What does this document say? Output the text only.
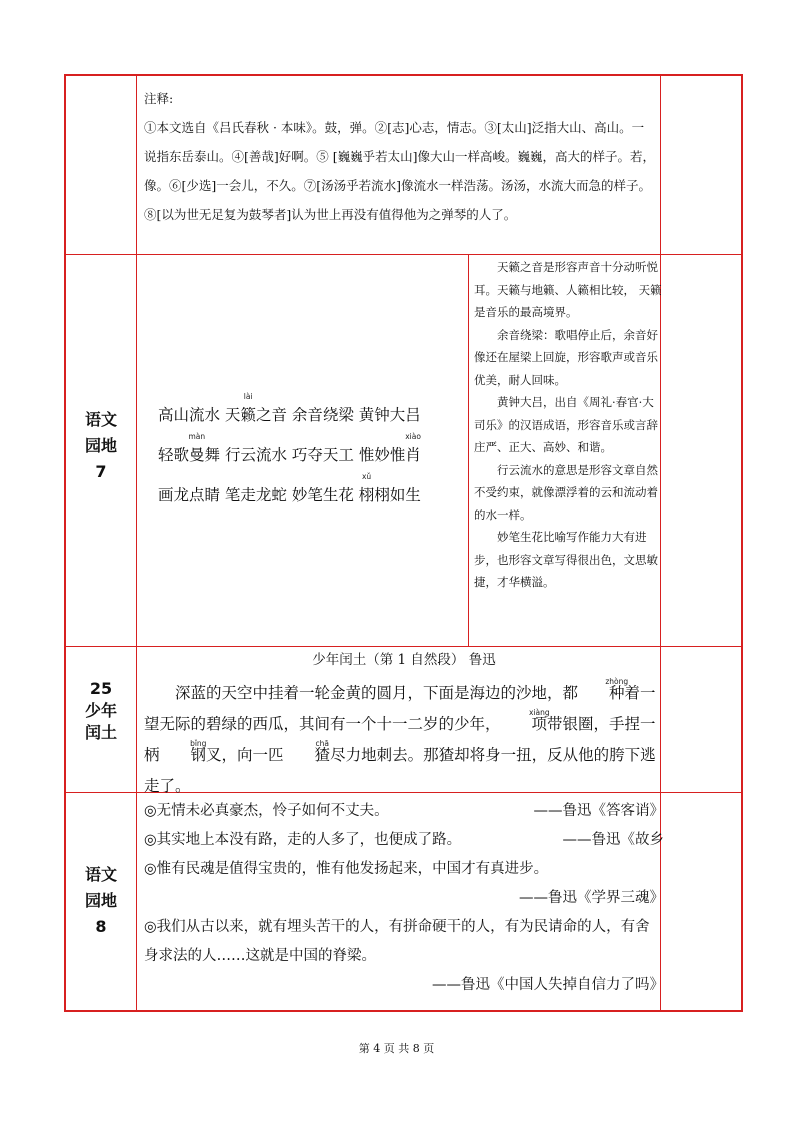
注释:

①本文选自《吕氏春秋 · 本味》。鼓，弹。②[志]心志，情志。③[太山]泛指大山、高山。一说指东岳泰山。④[善哉]好啊。⑤ [巍巍乎若太山]像大山一样高峻。巍巍，高大的样子。若，像。⑥[少选]一会儿，不久。⑦[汤汤乎若流水]像流水一样浩荡。汤汤，水流大而急的样子。⑧[以为世无足复为鼓琴者]认为世上再没有值得他为之弹琴的人了。

语文
园地
7
高山流水 天
lài
籁之音 余音绕梁 黄钟大吕
轻歌
màn
曼舞 行云流水 巧夺天工 惟妙惟
xiào
肖
画龙点睛 笔走龙蛇 妙笔生花
xǔ
栩栩如生

天籁之音是形容声音十分动听悦耳。天籁与地籁、人籁相比较， 天籁是音乐的最高境界。

余音绕梁：歌唱停止后，余音好像还在屋梁上回旋，形容歌声或音乐优美，耐人回味。

黄钟大吕，出自《周礼·春官·大司乐》的汉语成语，形容音乐或言辞庄严、正大、高妙、和谐。

行云流水的意思是形容文章自然不受约束，就像漂浮着的云和流动着的水一样。

妙笔生花比喻写作能力大有进步，也形容文章写得很出色，文思敏捷，才华横溢。

25
少年
闰土
少年闰土（第 1 自然段） 鲁迅

深蓝的天空中挂着一轮金黄的圆月，下面是海边的沙地，都
zhòng
种着一望无际的碧绿的西瓜，其间有一个十一二岁的少年，
xiàng
项带银圈，手捏一柄
bǐng
钢叉，向一匹
chā
猹尽力地刺去。那猹却将身一扭，反从他的胯下逃走了。

语文
园地
8

——鲁迅《答客诮》
◎无情未必真豪杰，怜子如何不丈夫。

——鲁迅《故乡
◎其实地上本没有路，走的人多了，也便成了路。

◎惟有民魂是值得宝贵的，惟有他发扬起来，中国才有真进步。
——鲁迅《学界三魂》

◎我们从古以来，就有埋头苦干的人，有拼命硬干的人，有为民请命的人，有舍身求法的人……这就是中国的脊梁。
——鲁迅《中国人失掉自信力了吗》

第 4 页 共 8 页
